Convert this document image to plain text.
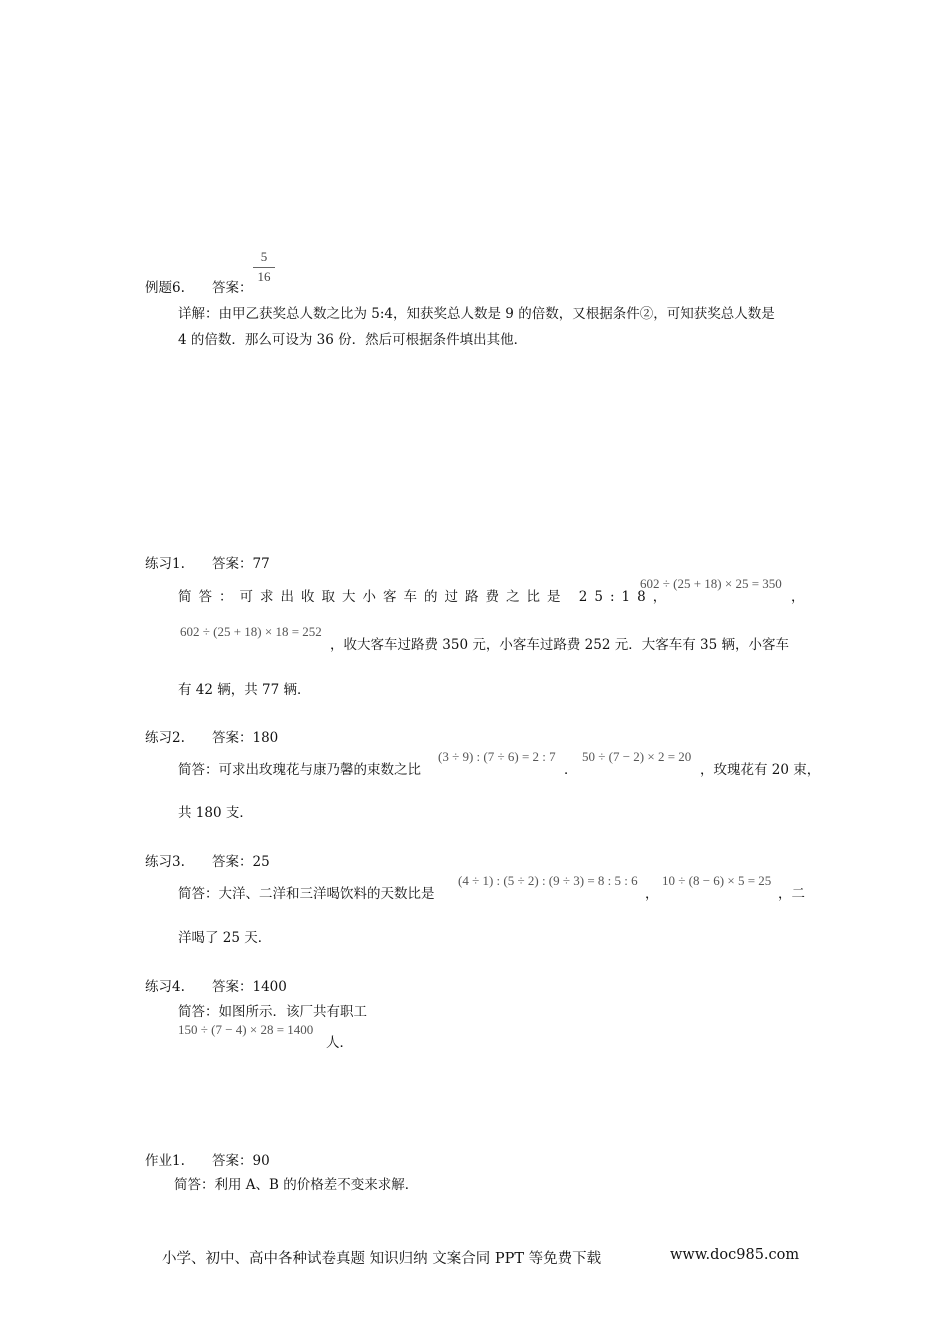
5
16
例题6. 答案：
详解：由甲乙获奖总人数之比为 5:4，知获奖总人数是 9 的倍数，又根据条件②，可知获奖总人数是
4 的倍数．那么可设为 36 份．然后可根据条件填出其他．
练习1. 答案：77
简答：可求出收取大小客车的过路费之比是 25:18，
602 ÷ (25 + 18) × 25 = 350
，
602 ÷ (25 + 18) × 18 = 252
，收大客车过路费 350 元，小客车过路费 252 元．大客车有 35 辆，小客车
有 42 辆，共 77 辆．
练习2. 答案：180
简答：可求出玫瑰花与康乃馨的束数之比
(3 ÷ 9) : (7 ÷ 6) = 2 : 7
．
50 ÷ (7 − 2) × 2 = 20
，玫瑰花有 20 束，
共 180 支．
练习3. 答案：25
简答：大洋、二洋和三洋喝饮料的天数比是
(4 ÷ 1) : (5 ÷ 2) : (9 ÷ 3) = 8 : 5 : 6
，
10 ÷ (8 − 6) × 5 = 25
，二
洋喝了 25 天．
练习4. 答案：1400
简答：如图所示．该厂共有职工
150 ÷ (7 − 4) × 28 = 1400
人．
作业1. 答案：90
简答：利用 A、B 的价格差不变来求解．
小学、初中、高中各种试卷真题 知识归纳 文案合同 PPT 等免费下载	www.doc985.com
